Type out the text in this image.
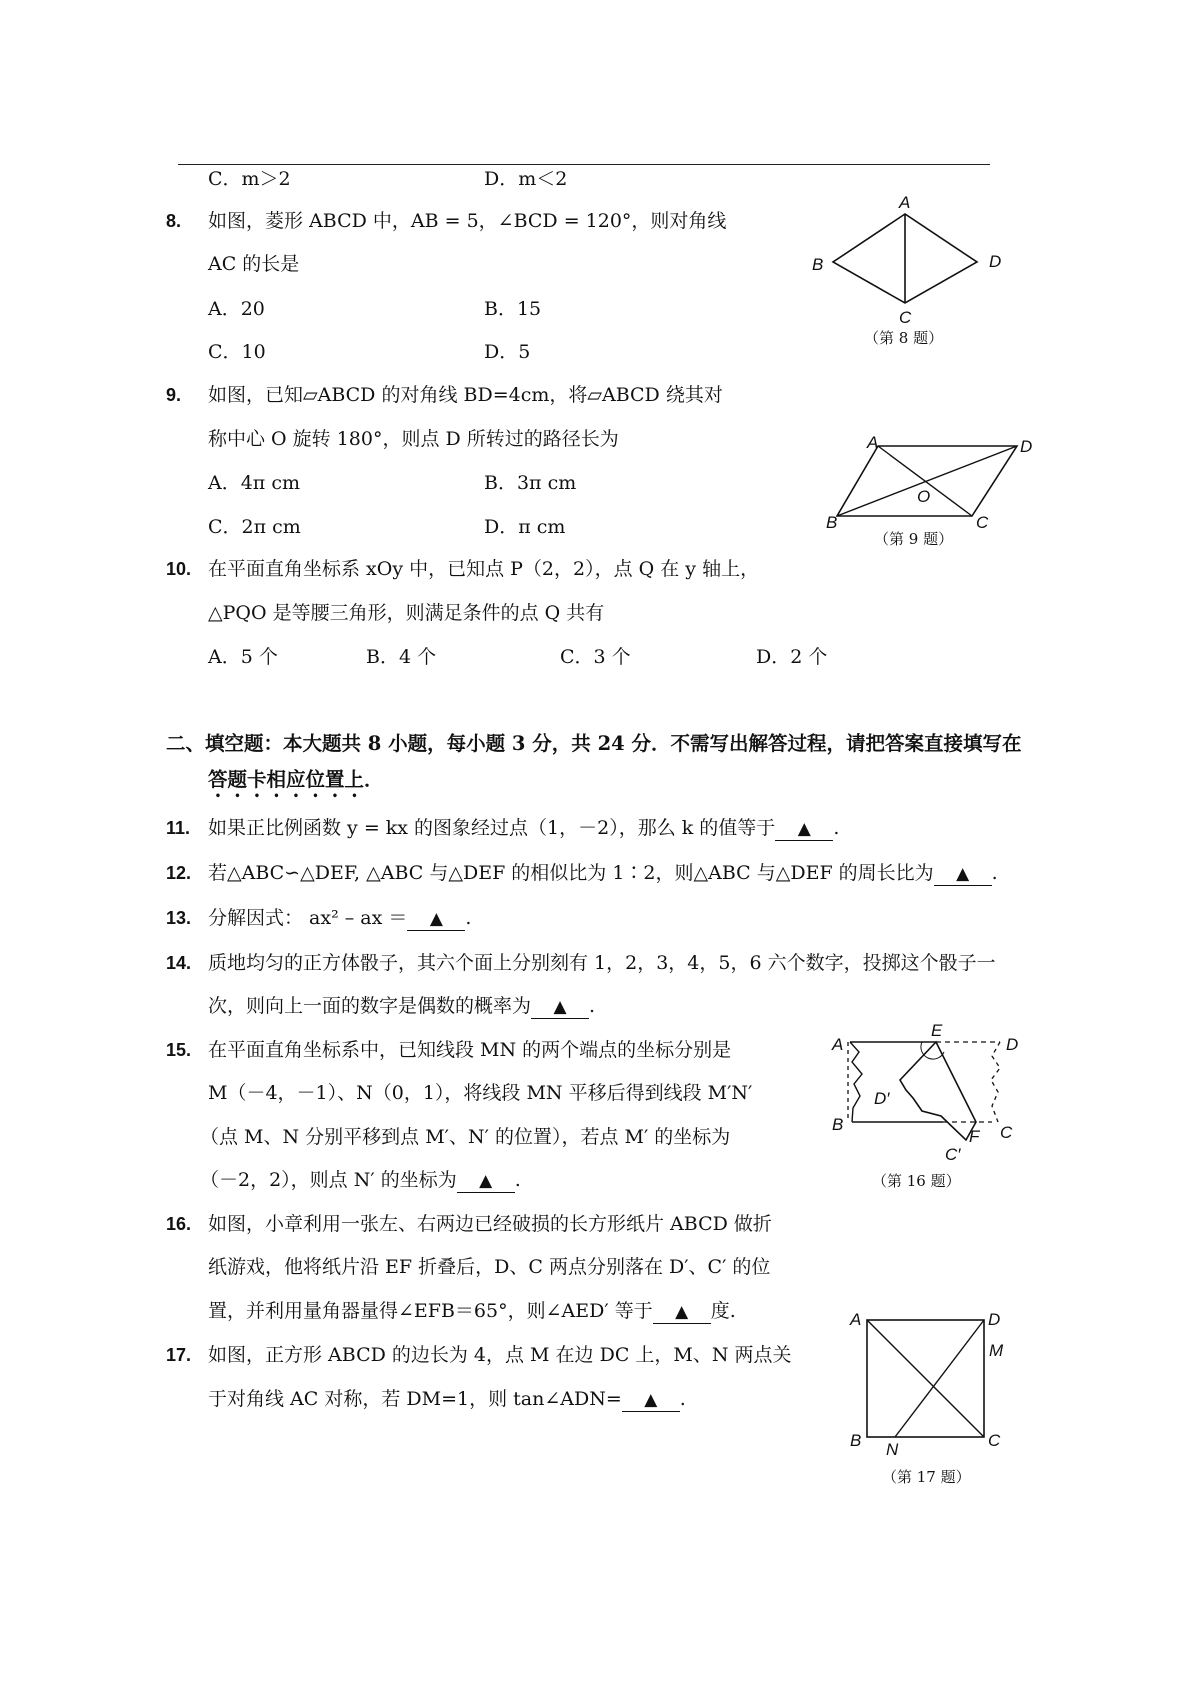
C．m＞2	D．m＜2
8. 如图，菱形 ABCD 中，AB = 5，∠BCD = 120°，则对角线
AC 的长是
A．20	B．15
C．10	D．5
A
B
C
D
（第 8 题）
9. 如图，已知▱ABCD 的对角线 BD=4cm，将▱ABCD 绕其对
称中心 O 旋转 180°，则点 D 所转过的路径长为
A．4π cm	B．3π cm
C．2π cm	D．π cm
A
B	C
D
O
（第 9 题）
10. 在平面直角坐标系 xOy 中，已知点 P（2，2），点 Q 在 y 轴上，
△PQO 是等腰三角形，则满足条件的点 Q 共有
A．5 个	B．4 个	C．3 个	D．2 个
二、填空题：本大题共 8 小题，每小题 3 分，共 24 分．不需写出解答过程，请把答案直接填写在
答题卡相应位置上．
11. 如果正比例函数 y = kx 的图象经过点（1，－2），那么 k 的值等于 ▲ .
12. 若△ABC∽△DEF, △ABC 与△DEF 的相似比为 1∶2，则△ABC 与△DEF 的周长比为 ▲ .
13. 分解因式： ax² – ax ＝ ▲ .
14. 质地均匀的正方体骰子，其六个面上分别刻有 1，2，3，4，5，6 六个数字，投掷这个骰子一
次，则向上一面的数字是偶数的概率为 ▲ .
15. 在平面直角坐标系中，已知线段 MN 的两个端点的坐标分别是
M（－4，－1）、N（0，1），将线段 MN 平移后得到线段 M′N′
（点 M、N 分别平移到点 M′、N′ 的位置），若点 M′ 的坐标为
（－2，2），则点 N′ 的坐标为 ▲ .
A
E
D
D′
B
F C
C′
（第 16 题）
16. 如图，小章利用一张左、右两边已经破损的长方形纸片 ABCD 做折
纸游戏，他将纸片沿 EF 折叠后，D、C 两点分别落在 D′、C′ 的位
置，并利用量角器量得∠EFB＝65°，则∠AED′ 等于 ▲ 度.
17. 如图，正方形 ABCD 的边长为 4，点 M 在边 DC 上，M、N 两点关
于对角线 AC 对称，若 DM=1，则 tan∠ADN= ▲ .
A	D
M
B N	C
（第 17 题）
